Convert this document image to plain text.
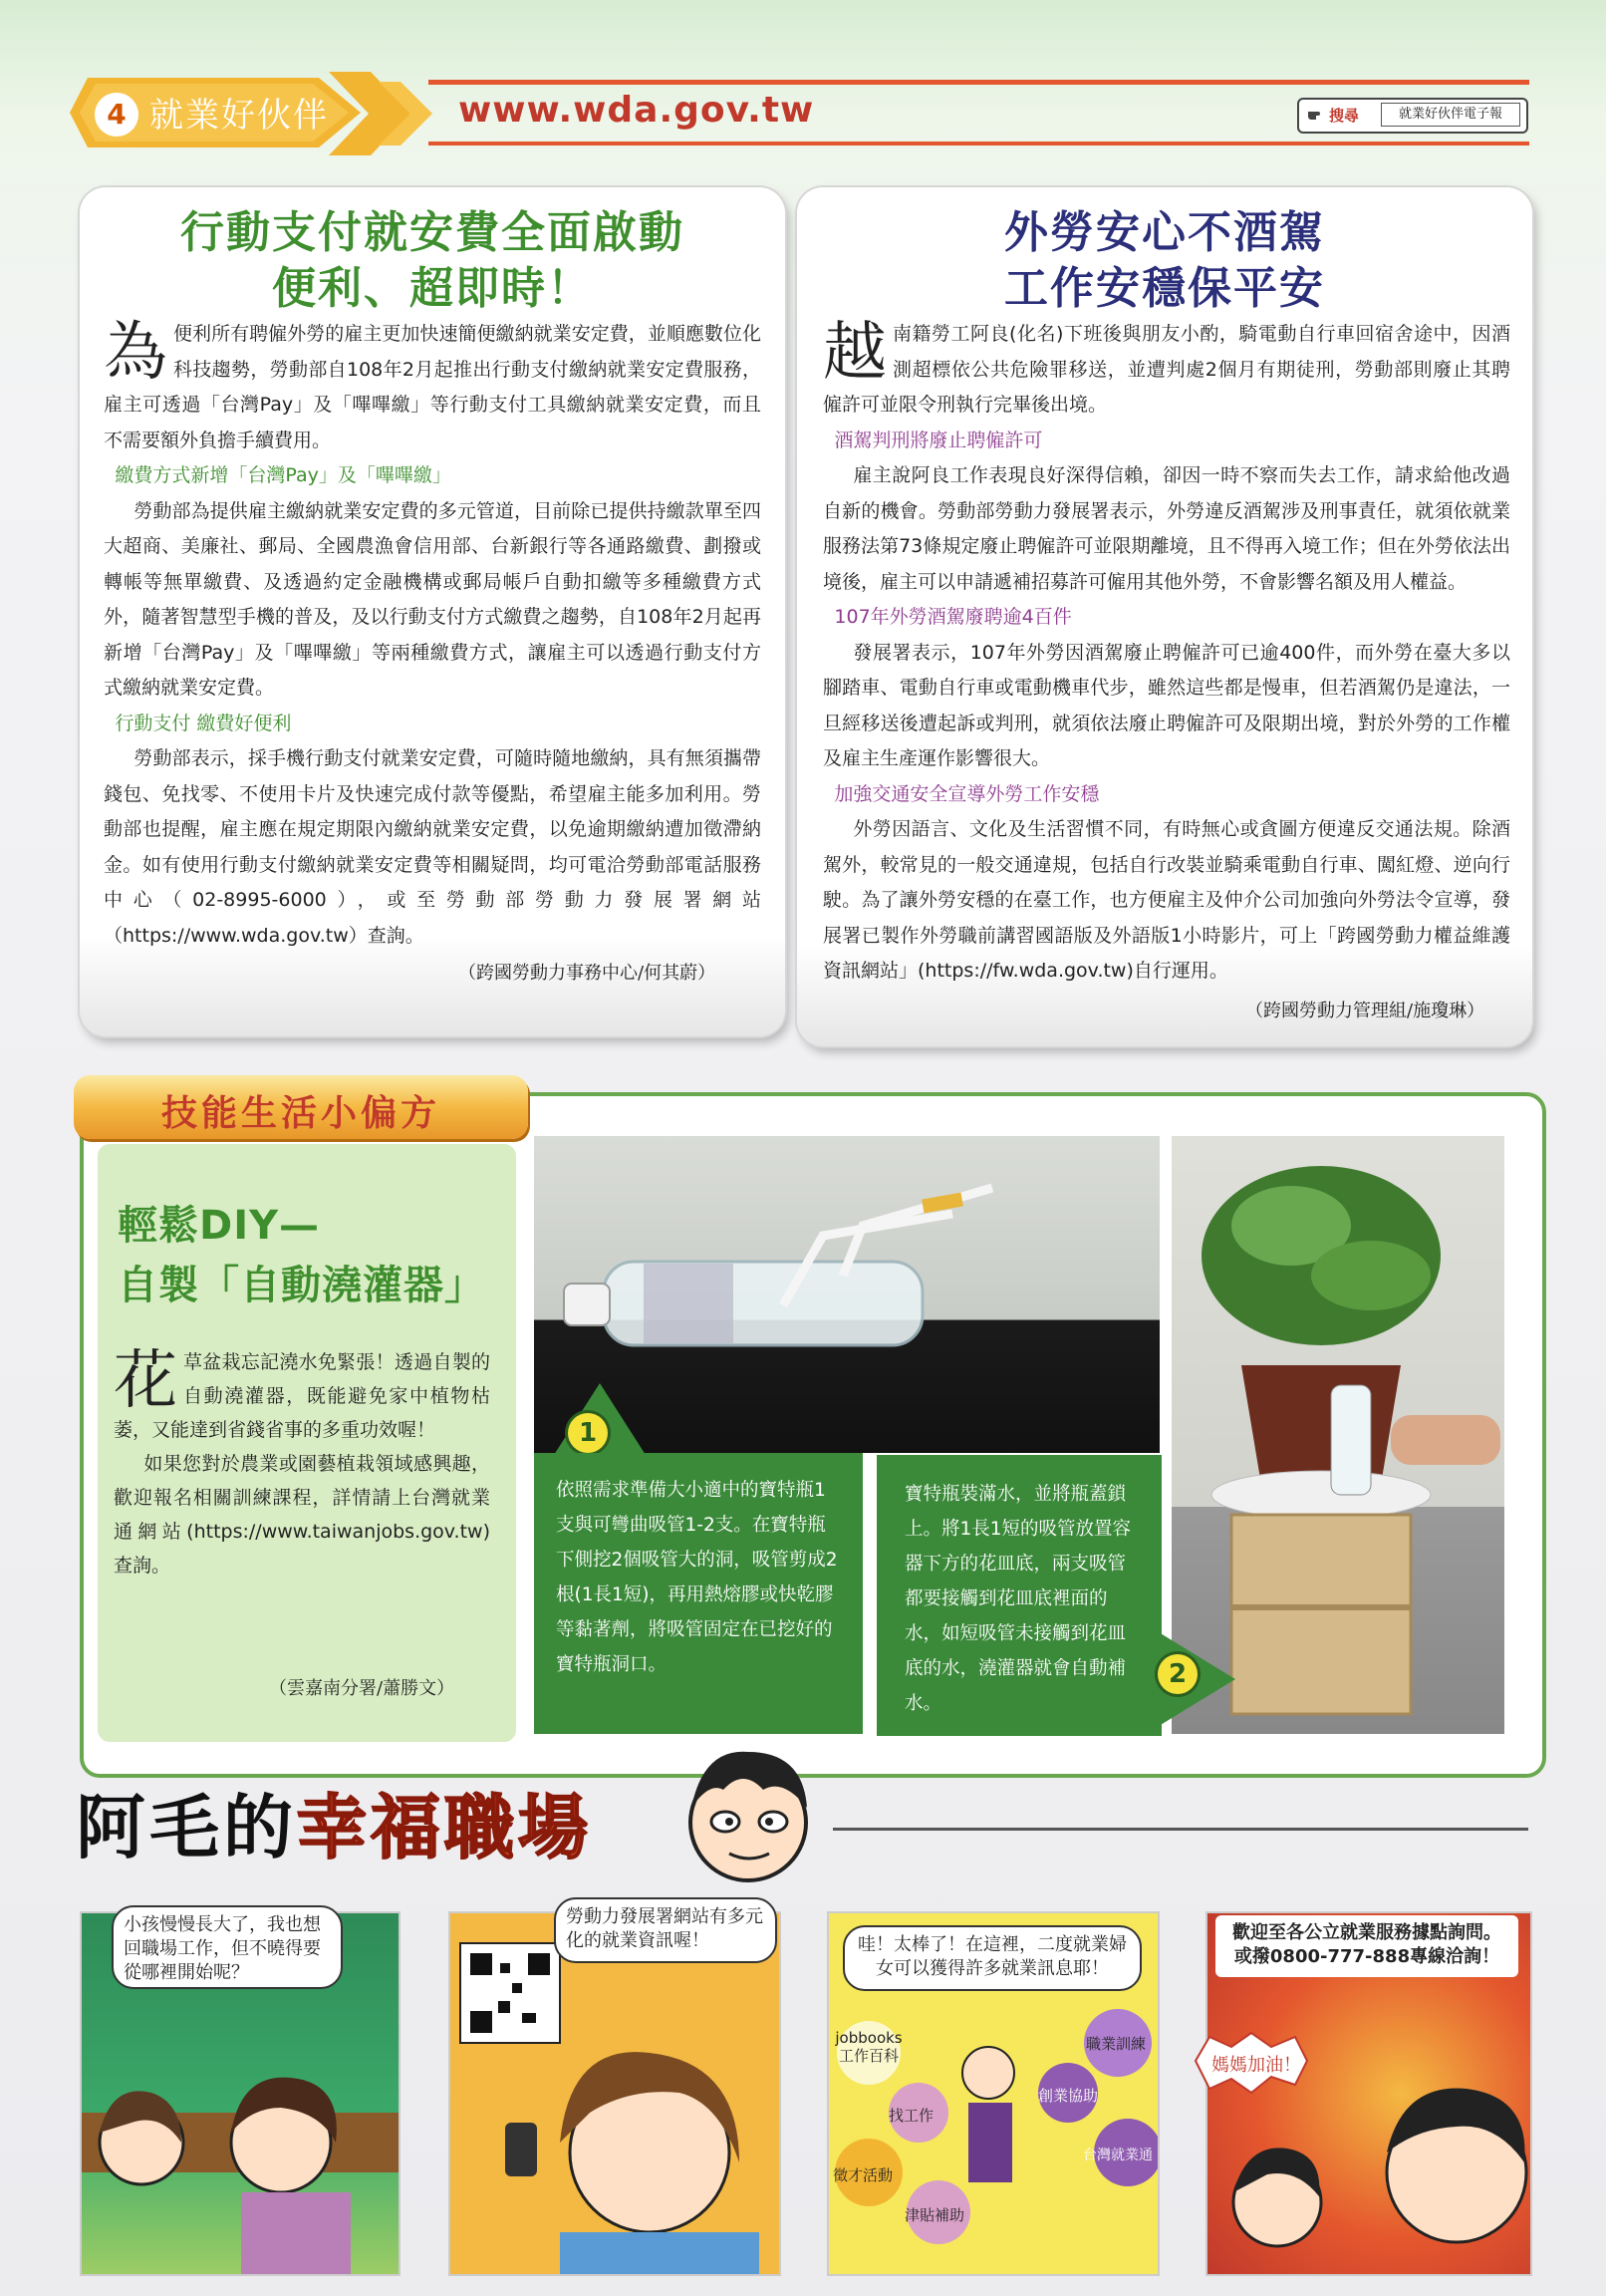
4 就業好伙伴	www.wda.gov.tw	搜尋	就業好伙伴電子報
行動支付就安費全面啟動
便利、超即時！

為便利所有聘僱外勞的雇主更加快速簡便繳納就業安定費，並順應數位化科技趨勢，勞動部自108年2月起推出行動支付繳納就業安定費服務，雇主可透過「台灣Pay」及「嗶嗶繳」等行動支付工具繳納就業安定費，而且不需要額外負擔手續費用。

繳費方式新增「台灣Pay」及「嗶嗶繳」

勞動部為提供雇主繳納就業安定費的多元管道，目前除已提供持繳款單至四大超商、美廉社、郵局、全國農漁會信用部、台新銀行等各通路繳費、劃撥或轉帳等無單繳費、及透過約定金融機構或郵局帳戶自動扣繳等多種繳費方式外，隨著智慧型手機的普及，及以行動支付方式繳費之趨勢，自108年2月起再新增「台灣Pay」及「嗶嗶繳」等兩種繳費方式，讓雇主可以透過行動支付方式繳納就業安定費。

行動支付 繳費好便利

勞動部表示，採手機行動支付就業安定費，可隨時隨地繳納，具有無須攜帶錢包、免找零、不使用卡片及快速完成付款等優點，希望雇主能多加利用。勞動部也提醒，雇主應在規定期限內繳納就業安定費，以免逾期繳納遭加徵滯納金。如有使用行動支付繳納就業安定費等相關疑問，均可電洽勞動部電話服務中心（02-8995-6000），或至勞動部勞動力發展署網站（https://www.wda.gov.tw）查詢。

（跨國勞動力事務中心/何其蔚）
外勞安心不酒駕
工作安穩保平安

越南籍勞工阿良(化名)下班後與朋友小酌，騎電動自行車回宿舍途中，因酒測超標依公共危險罪移送，並遭判處2個月有期徒刑，勞動部則廢止其聘僱許可並限令刑執行完畢後出境。

酒駕判刑將廢止聘僱許可

雇主說阿良工作表現良好深得信賴，卻因一時不察而失去工作，請求給他改過自新的機會。勞動部勞動力發展署表示，外勞違反酒駕涉及刑事責任，就須依就業服務法第73條規定廢止聘僱許可並限期離境，且不得再入境工作；但在外勞依法出境後，雇主可以申請遞補招募許可僱用其他外勞，不會影響名額及用人權益。

107年外勞酒駕廢聘逾4百件

發展署表示，107年外勞因酒駕廢止聘僱許可已逾400件，而外勞在臺大多以腳踏車、電動自行車或電動機車代步，雖然這些都是慢車，但若酒駕仍是違法，一旦經移送後遭起訴或判刑，就須依法廢止聘僱許可及限期出境，對於外勞的工作權及雇主生產運作影響很大。

加強交通安全宣導外勞工作安穩

外勞因語言、文化及生活習慣不同，有時無心或貪圖方便違反交通法規。除酒駕外，較常見的一般交通違規，包括自行改裝並騎乘電動自行車、闖紅燈、逆向行駛。為了讓外勞安穩的在臺工作，也方便雇主及仲介公司加強向外勞法令宣導，發展署已製作外勞職前講習國語版及外語版1小時影片，可上「跨國勞動力權益維護資訊網站」(https://fw.wda.gov.tw)自行運用。

（跨國勞動力管理組/施瓊琳）
技能生活小偏方
輕鬆DIY—
自製「自動澆灌器」

花草盆栽忘記澆水免緊張！透過自製的自動澆灌器，既能避免家中植物枯萎，又能達到省錢省事的多重功效喔！

如果您對於農業或園藝植栽領域感興趣，歡迎報名相關訓練課程，詳情請上台灣就業通網站(https://www.taiwanjobs.gov.tw)查詢。

（雲嘉南分署/蕭勝文）
1
依照需求準備大小適中的寶特瓶1支與可彎曲吸管1-2支。在寶特瓶下側挖2個吸管大的洞，吸管剪成2根(1長1短)，再用熱熔膠或快乾膠等黏著劑，將吸管固定在已挖好的寶特瓶洞口。
寶特瓶裝滿水，並將瓶蓋鎖上。將1長1短的吸管放置容器下方的花皿底，兩支吸管都要接觸到花皿底裡面的水，如短吸管未接觸到花皿底的水，澆灌器就會自動補水。
2
阿毛的幸福職場
小孩慢慢長大了，我也想回職場工作，但不曉得要從哪裡開始呢？
勞動力發展署網站有多元化的就業資訊喔！
jobbooks工作百科
職業訓練
創業協助
找工作
台灣就業通
徵才活動
津貼補助
哇！太棒了！在這裡，二度就業婦女可以獲得許多就業訊息耶！
歡迎至各公立就業服務據點詢問。或撥0800-777-888專線洽詢！
媽媽加油！
